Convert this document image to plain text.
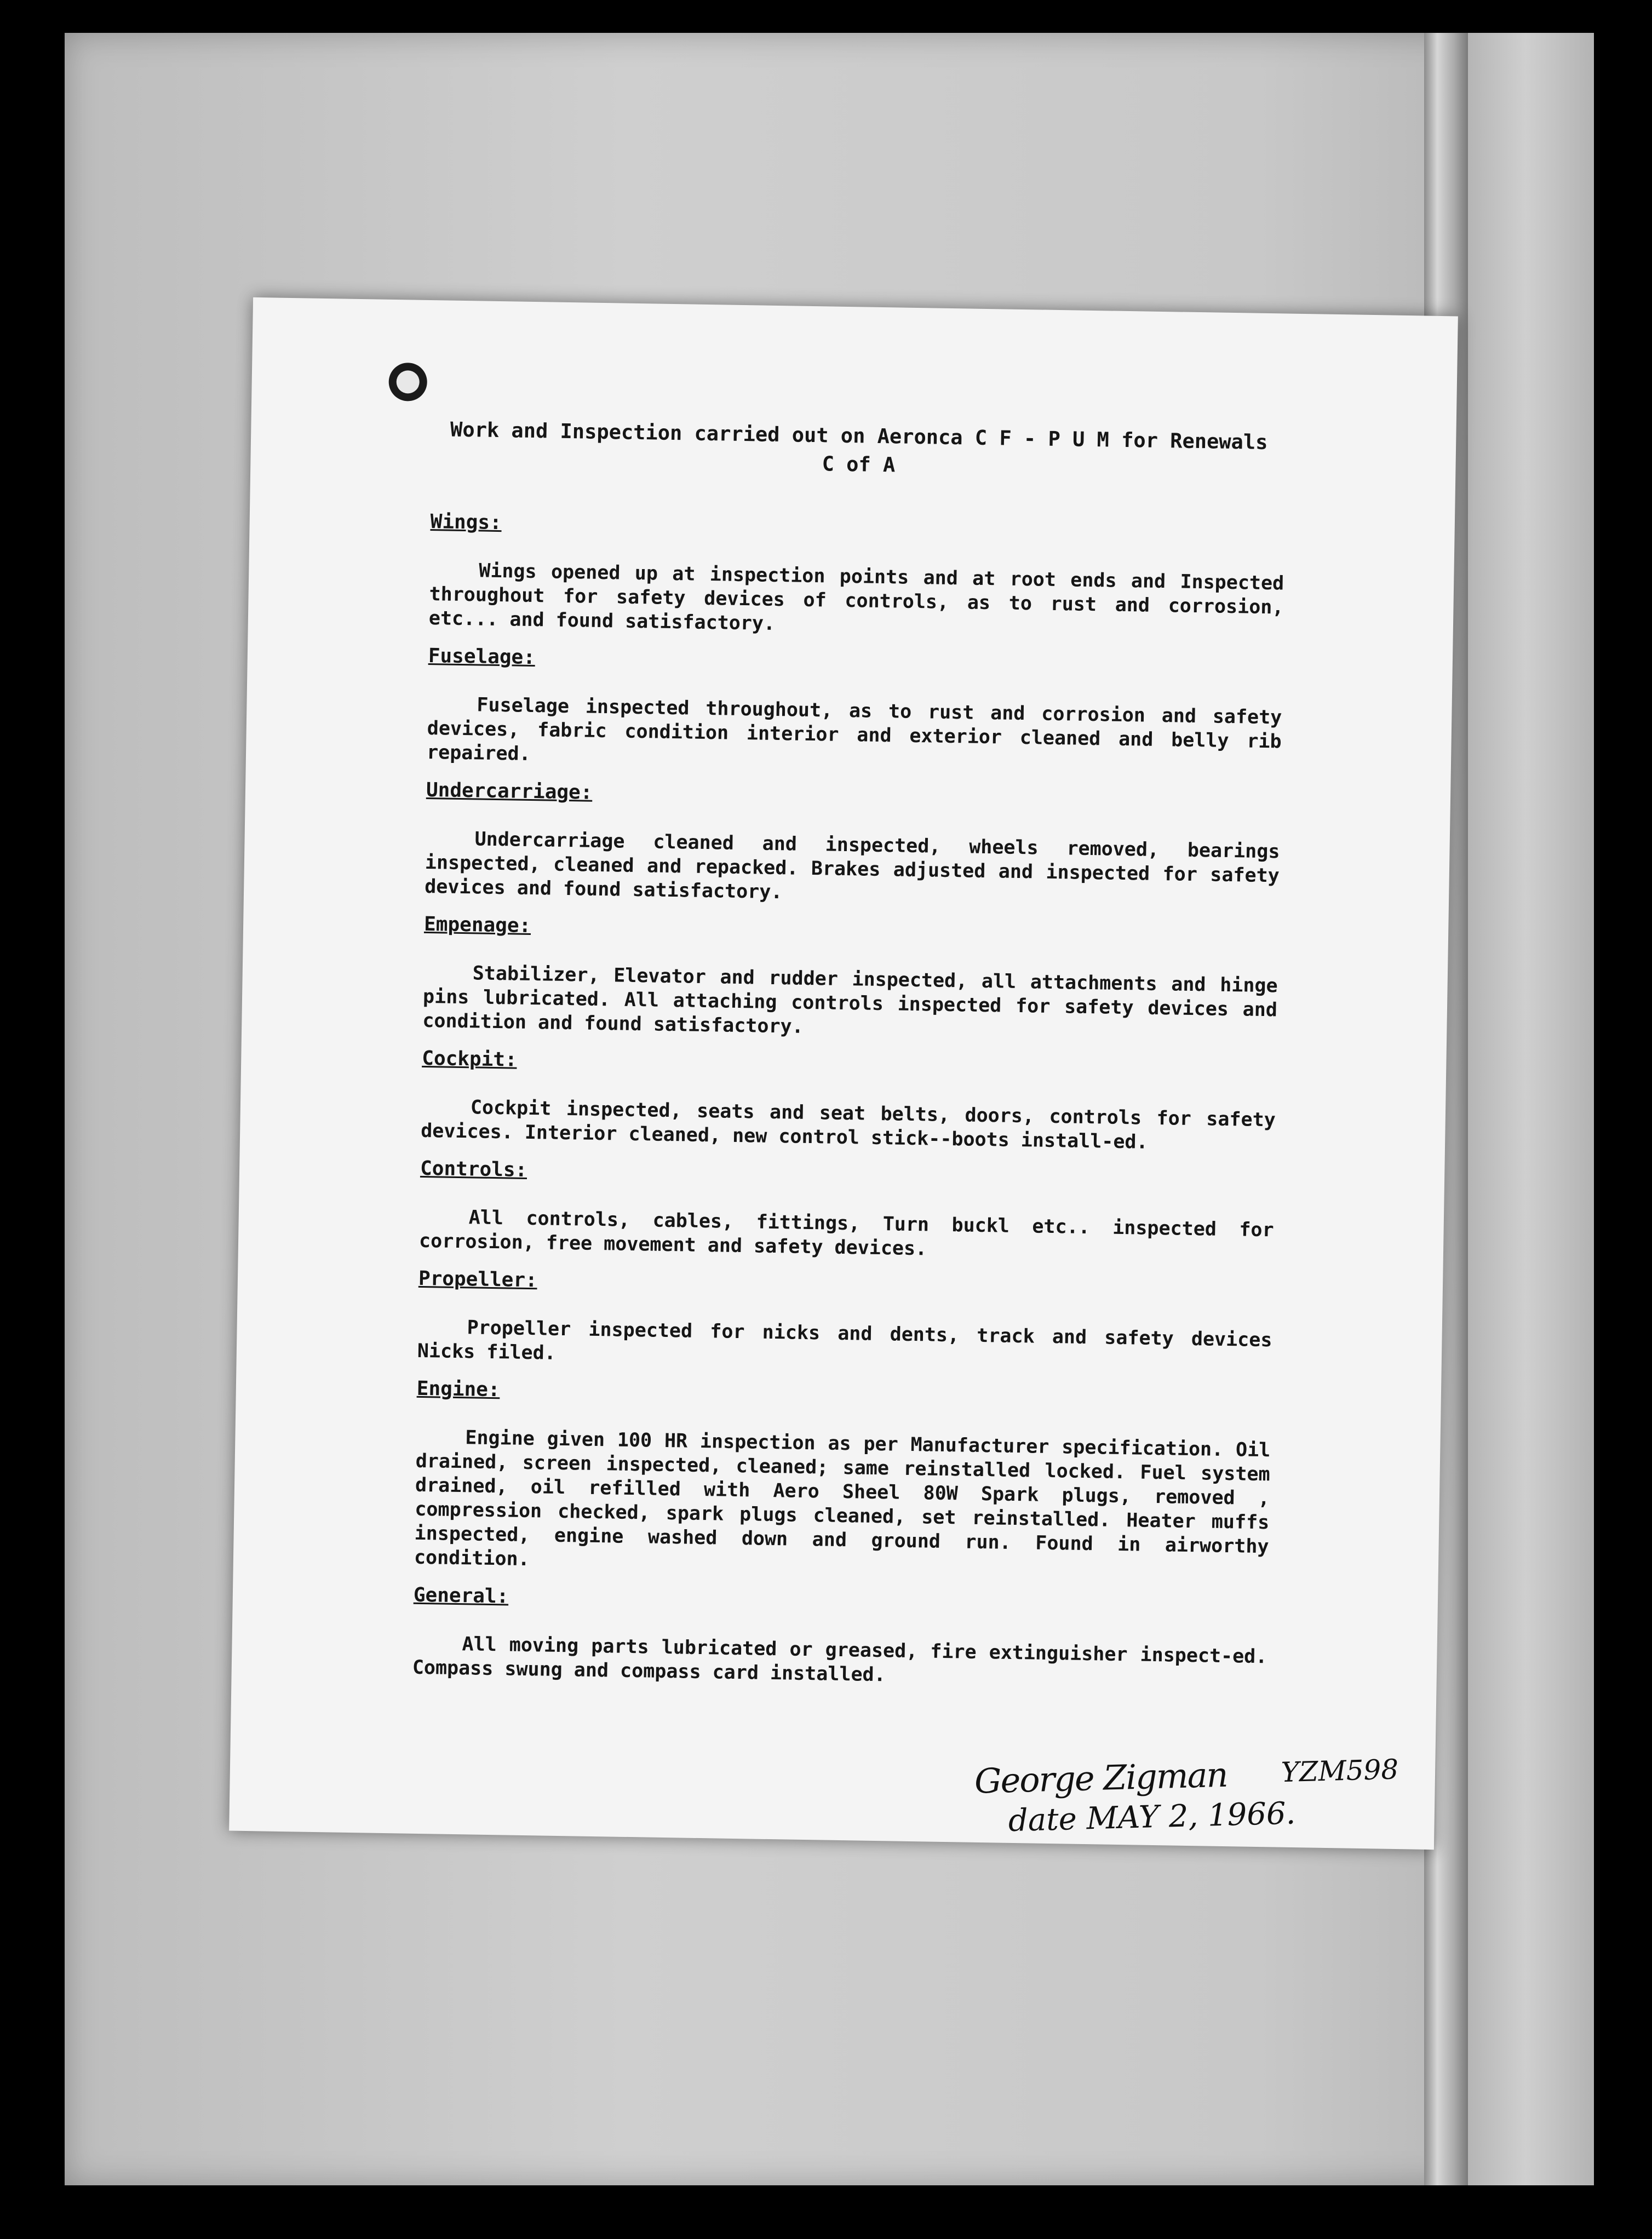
Work and Inspection carried out on Aeronca C F - P U M for Renewals
C of A
Wings:

Wings opened up at inspection points and at root ends and Inspected throughout for safety devices of controls, as to rust and corrosion, etc... and found satisfactory.

Fuselage:

Fuselage inspected throughout, as to rust and corrosion and safety devices, fabric condition interior and exterior cleaned and belly rib repaired.

Undercarriage:

Undercarriage cleaned and inspected, wheels removed, bearings inspected, cleaned and repacked. Brakes adjusted and inspected for safety devices and found satisfactory.

Empenage:

Stabilizer, Elevator and rudder inspected, all attachments and hinge pins lubricated. All attaching controls inspected for safety devices and condition and found satisfactory.

Cockpit:

Cockpit inspected, seats and seat belts, doors, controls for safety devices. Interior cleaned, new control stick--boots install-ed.

Controls:

All controls, cables, fittings, Turn buckl etc.. inspected for corrosion, free movement and safety devices.

Propeller:

Propeller inspected for nicks and dents, track and safety devices Nicks filed.

Engine:

Engine given 100 HR inspection as per Manufacturer specification. Oil drained, screen inspected, cleaned; same reinstalled locked. Fuel system drained, oil refilled with Aero Sheel 80W Spark plugs, removed , compression checked, spark plugs cleaned, set reinstalled. Heater muffs inspected, engine washed down and ground run. Found in airworthy condition.

General:

All moving parts lubricated or greased, fire extinguisher inspect-ed. Compass swung and compass card installed.

George Zigman YZM598
date MAY 2, 1966.
